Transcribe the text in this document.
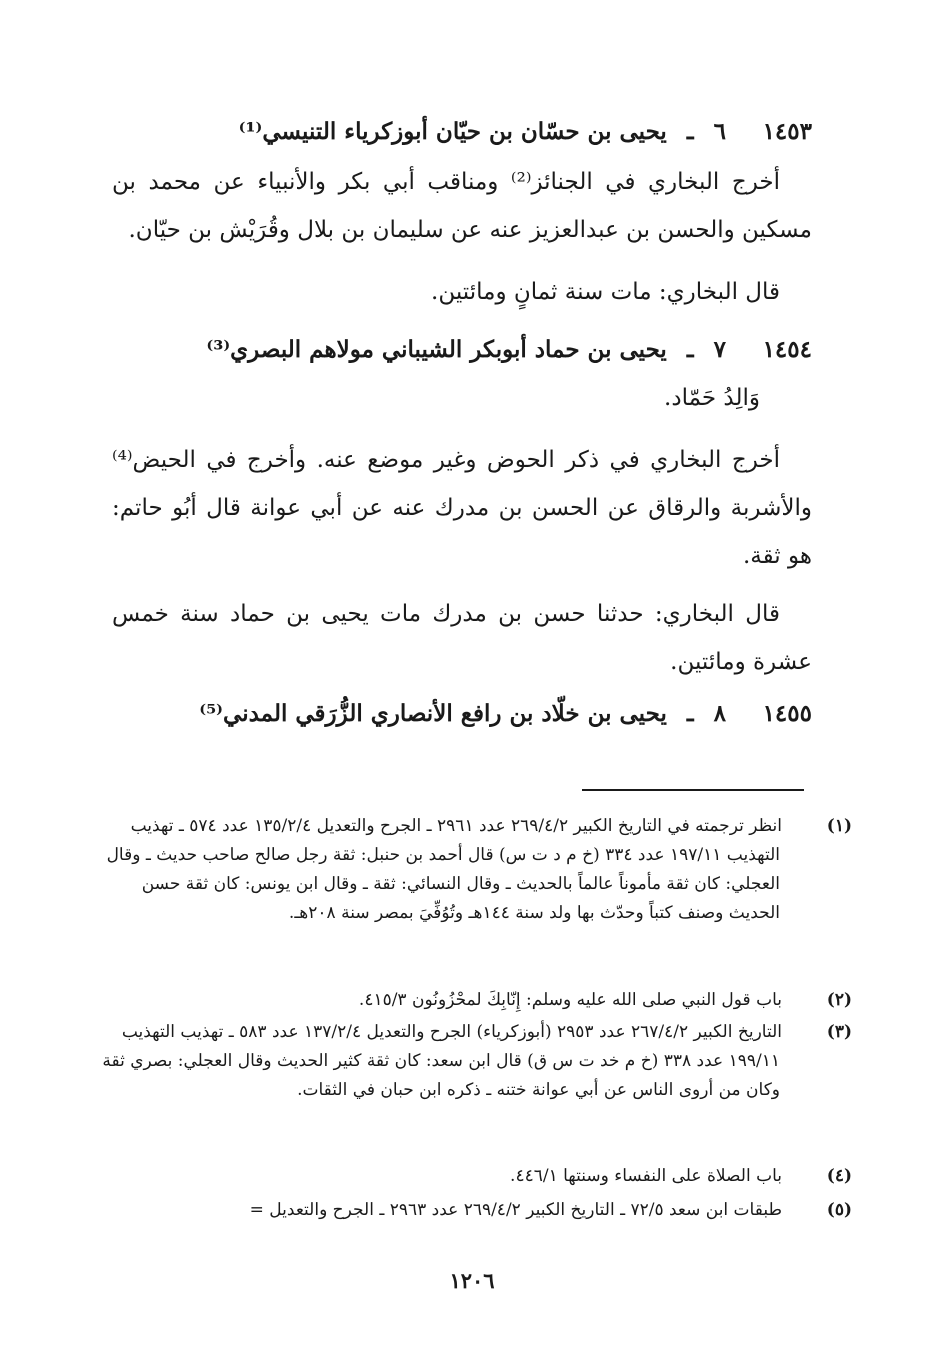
١٤٥٣ ٦ ـ يحيى بن حسّان بن حيّان أبوزكرياء التنيسي⁽¹⁾
أخرج البخاري في الجنائز⁽²⁾ ومناقب أبي بكر والأنبياء عن محمد بن مسكين والحسن بن عبدالعزيز عنه عن سليمان بن بلال وقُرَيْش بن حيّان.
قال البخاري: مات سنة ثمانٍ ومائتين.
١٤٥٤ ٧ ـ يحيى بن حماد أبوبكر الشيباني مولاهم البصري⁽³⁾
وَالِدُ حَمّاد.
أخرج البخاري في ذكر الحوض وغير موضع عنه. وأخرج في الحيض⁽⁴⁾ والأشربة والرقاق عن الحسن بن مدرك عنه عن أبي عوانة قال أبُو حاتم: هو ثقة.
قال البخاري: حدثنا حسن بن مدرك مات يحيى بن حماد سنة خمس عشرة ومائتين.
١٤٥٥ ٨ ـ يحيى بن خلّاد بن رافع الأنصاري الزُّرَقي المدني⁽⁵⁾
(١)انظر ترجمته في التاريخ الكبير ٢٦٩/٤/٢ عدد ٢٩٦١ ـ الجرح والتعديل ١٣٥/٢/٤ عدد ٥٧٤ ـ تهذيب التهذيب ١٩٧/١١ عدد ٣٣٤ (خ م د ت س) قال أحمد بن حنبل: ثقة رجل صالح صاحب حديث ـ وقال العجلي: كان ثقة مأموناً عالماً بالحديث ـ وقال النسائي: ثقة ـ وقال ابن يونس: كان ثقة حسن الحديث وصنف كتباً وحدّث بها ولد سنة ١٤٤هـ وتُوُفِّيَ بمصر سنة ٢٠٨هـ.
(٢)باب قول النبي صلى الله عليه وسلم: إِنّابِكَ لمحْزُونُون ٤١٥/٣.
(٣)التاريخ الكبير ٢٦٧/٤/٢ عدد ٢٩٥٣ (أبوزكرياء) الجرح والتعديل ١٣٧/٢/٤ عدد ٥٨٣ ـ تهذيب التهذيب ١٩٩/١١ عدد ٣٣٨ (خ م خد ت س ق) قال ابن سعد: كان ثقة كثير الحديث وقال العجلي: بصري ثقة وكان من أروى الناس عن أبي عوانة ختنه ـ ذكره ابن حبان في الثقات.
(٤)باب الصلاة على النفساء وسنتها ٤٤٦/١.
(٥)طبقات ابن سعد ٧٢/٥ ـ التاريخ الكبير ٢٦٩/٤/٢ عدد ٢٩٦٣ ـ الجرح والتعديل =
١٢٠٦
